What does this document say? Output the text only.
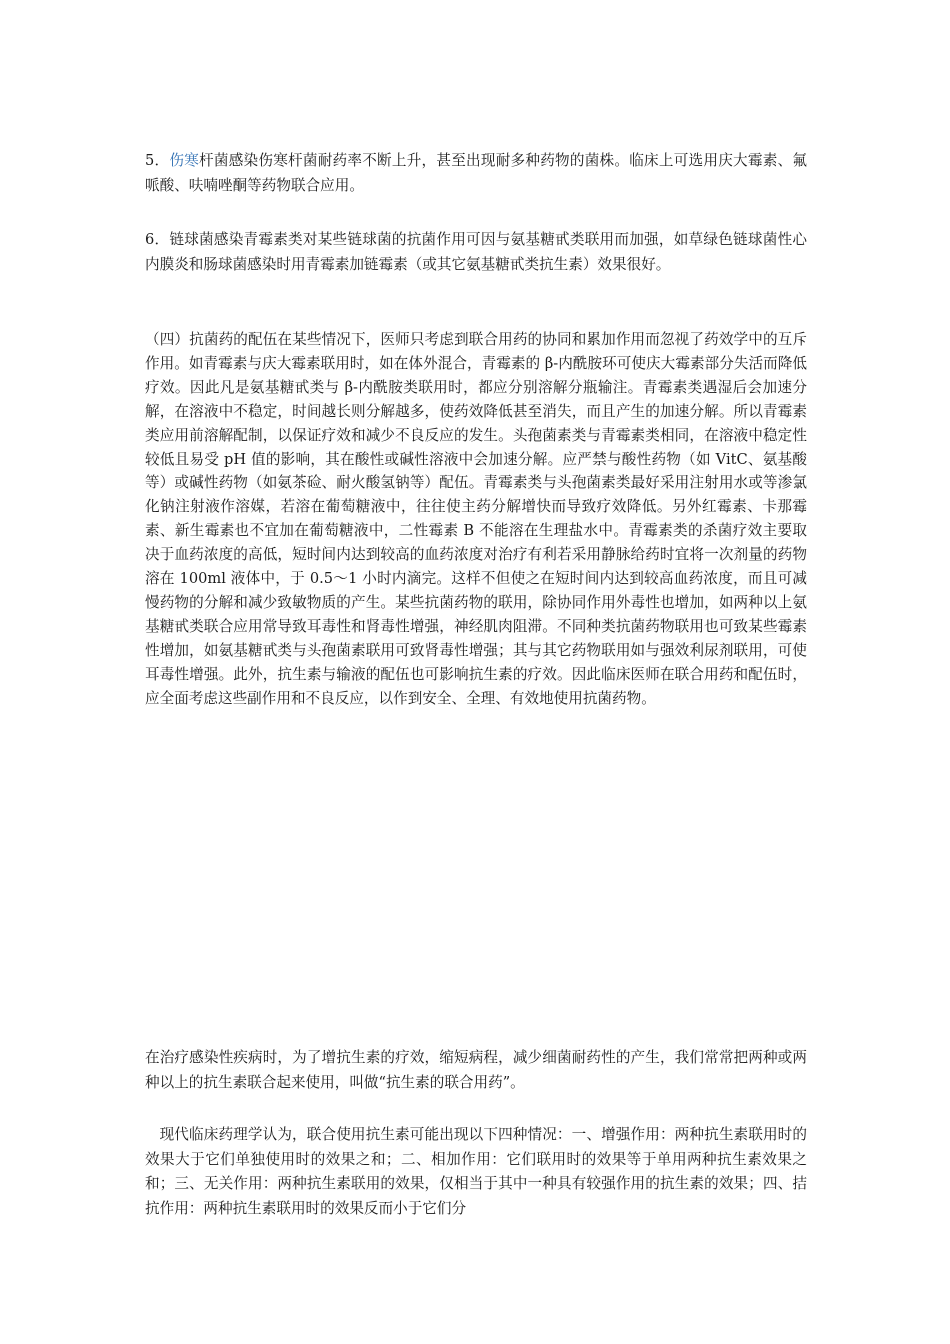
5．伤寒杆菌感染伤寒杆菌耐药率不断上升，甚至出现耐多种药物的菌株。临床上可选用庆大霉素、氟哌酸、呋喃唑酮等药物联合应用。

6．链球菌感染青霉素类对某些链球菌的抗菌作用可因与氨基糖甙类联用而加强，如草绿色链球菌性心内膜炎和肠球菌感染时用青霉素加链霉素（或其它氨基糖甙类抗生素）效果很好。

（四）抗菌药的配伍在某些情况下，医师只考虑到联合用药的协同和累加作用而忽视了药效学中的互斥作用。如青霉素与庆大霉素联用时，如在体外混合，青霉素的 β-内酰胺环可使庆大霉素部分失活而降低疗效。因此凡是氨基糖甙类与 β-内酰胺类联用时，都应分别溶解分瓶输注。青霉素类遇湿后会加速分解，在溶液中不稳定，时间越长则分解越多，使药效降低甚至消失，而且产生的加速分解。所以青霉素类应用前溶解配制，以保证疗效和减少不良反应的发生。头孢菌素类与青霉素类相同，在溶液中稳定性较低且易受 pH 值的影响，其在酸性或碱性溶液中会加速分解。应严禁与酸性药物（如 VitC、氨基酸等）或碱性药物（如氨茶硷、耐火酸氢钠等）配伍。青霉素类与头孢菌素类最好采用注射用水或等渗氯化钠注射液作溶媒，若溶在葡萄糖液中，往往使主药分解增快而导致疗效降低。另外红霉素、卡那霉素、新生霉素也不宜加在葡萄糖液中，二性霉素 B 不能溶在生理盐水中。青霉素类的杀菌疗效主要取决于血药浓度的高低，短时间内达到较高的血药浓度对治疗有利若采用静脉给药时宜将一次剂量的药物溶在 100ml 液体中，于 0.5～1 小时内滴完。这样不但使之在短时间内达到较高血药浓度，而且可减慢药物的分解和减少致敏物质的产生。某些抗菌药物的联用，除协同作用外毒性也增加，如两种以上氨基糖甙类联合应用常导致耳毒性和肾毒性增强，神经肌肉阻滞。不同种类抗菌药物联用也可致某些霉素性增加，如氨基糖甙类与头孢菌素联用可致肾毒性增强；其与其它药物联用如与强效利尿剂联用，可使耳毒性增强。此外，抗生素与输液的配伍也可影响抗生素的疗效。因此临床医师在联合用药和配伍时，应全面考虑这些副作用和不良反应，以作到安全、全理、有效地使用抗菌药物。

在治疗感染性疾病时，为了增抗生素的疗效，缩短病程，减少细菌耐药性的产生，我们常常把两种或两种以上的抗生素联合起来使用，叫做“抗生素的联合用药”。

现代临床药理学认为，联合使用抗生素可能出现以下四种情况：一、增强作用：两种抗生素联用时的效果大于它们单独使用时的效果之和；二、相加作用：它们联用时的效果等于单用两种抗生素效果之和；三、无关作用：两种抗生素联用的效果，仅相当于其中一种具有较强作用的抗生素的效果；四、拮抗作用：两种抗生素联用时的效果反而小于它们分
